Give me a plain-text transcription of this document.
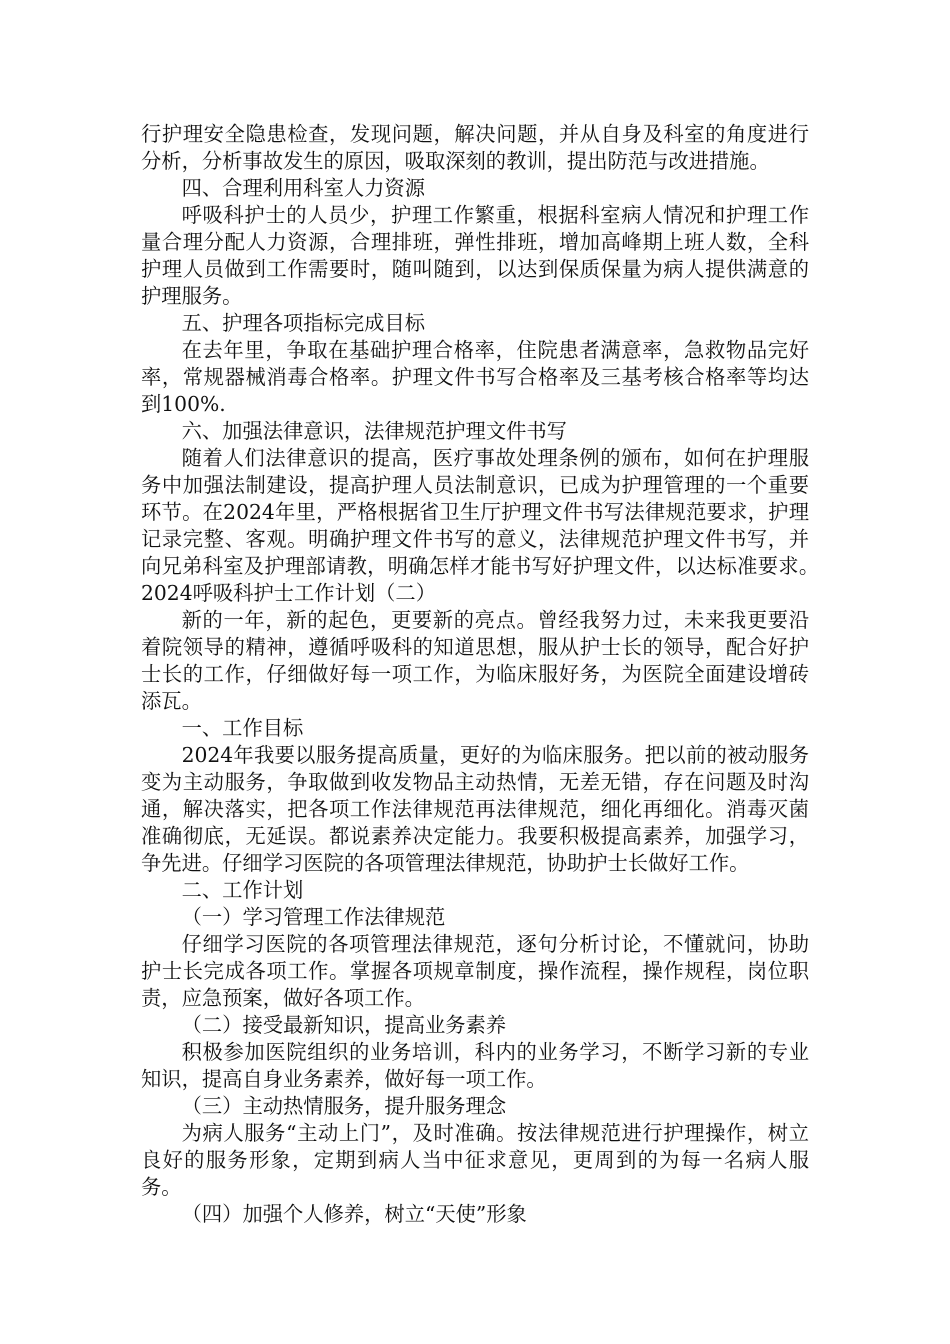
行护理安全隐患检查，发现问题，解决问题，并从自身及科室的角度进行分析，分析事故发生的原因，吸取深刻的教训，提出防范与改进措施。

四、合理利用科室人力资源

呼吸科护士的人员少，护理工作繁重，根据科室病人情况和护理工作量合理分配人力资源，合理排班，弹性排班，增加高峰期上班人数，全科护理人员做到工作需要时，随叫随到，以达到保质保量为病人提供满意的护理服务。

五、护理各项指标完成目标

在去年里，争取在基础护理合格率，住院患者满意率，急救物品完好率，常规器械消毒合格率。护理文件书写合格率及三基考核合格率等均达到100%.

六、加强法律意识，法律规范护理文件书写

随着人们法律意识的提高，医疗事故处理条例的颁布，如何在护理服务中加强法制建设，提高护理人员法制意识，已成为护理管理的一个重要环节。在2024年里，严格根据省卫生厅护理文件书写法律规范要求，护理记录完整、客观。明确护理文件书写的意义，法律规范护理文件书写，并向兄弟科室及护理部请教，明确怎样才能书写好护理文件，以达标准要求。　　2024呼吸科护士工作计划（二）

新的一年，新的起色，更要新的亮点。曾经我努力过，未来我更要沿着院领导的精神，遵循呼吸科的知道思想，服从护士长的领导，配合好护士长的工作，仔细做好每一项工作，为临床服好务，为医院全面建设增砖添瓦。

一、工作目标

2024年我要以服务提高质量，更好的为临床服务。把以前的被动服务变为主动服务，争取做到收发物品主动热情，无差无错，存在问题及时沟通，解决落实，把各项工作法律规范再法律规范，细化再细化。消毒灭菌准确彻底，无延误。都说素养决定能力。我要积极提高素养，加强学习，争先进。仔细学习医院的各项管理法律规范，协助护士长做好工作。

二、工作计划

（一）学习管理工作法律规范

仔细学习医院的各项管理法律规范，逐句分析讨论，不懂就问，协助护士长完成各项工作。掌握各项规章制度，操作流程，操作规程，岗位职责，应急预案，做好各项工作。

（二）接受最新知识，提高业务素养

积极参加医院组织的业务培训，科内的业务学习，不断学习新的专业知识，提高自身业务素养，做好每一项工作。

（三）主动热情服务，提升服务理念

为病人服务“主动上门”，及时准确。按法律规范进行护理操作，树立良好的服务形象，定期到病人当中征求意见，更周到的为每一名病人服务。

（四）加强个人修养，树立“天使”形象
